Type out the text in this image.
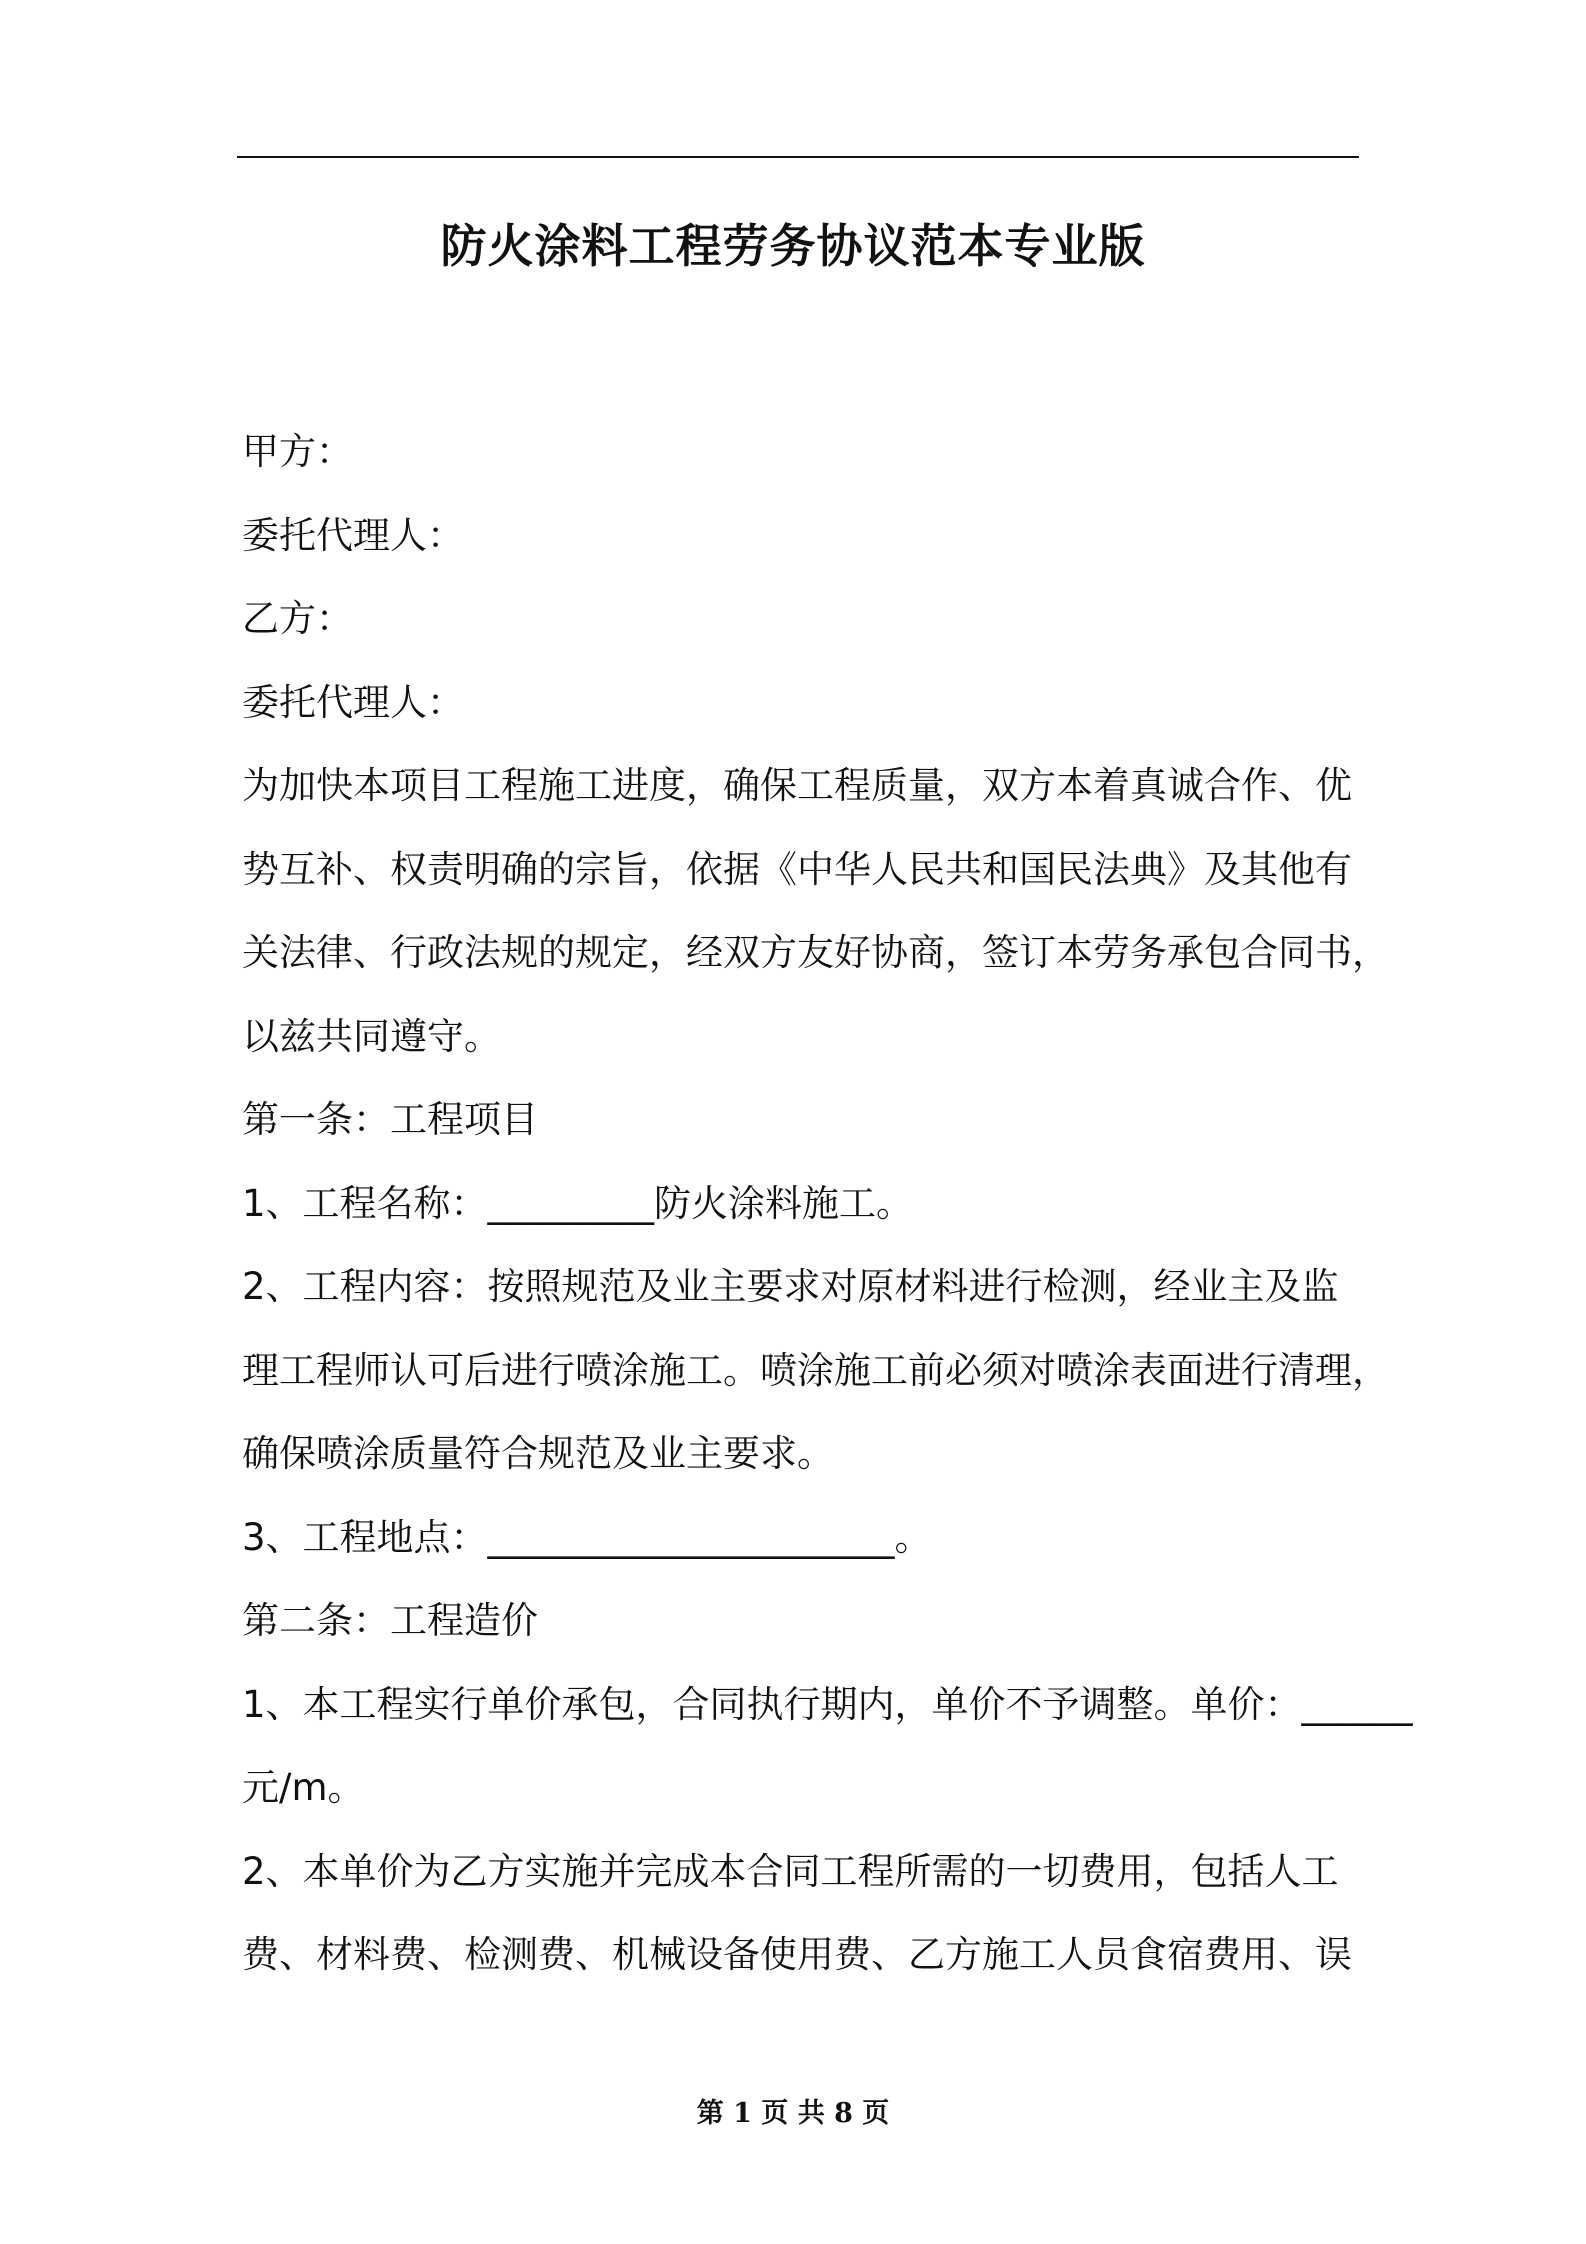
防火涂料工程劳务协议范本专业版

甲方：

委托代理人：

乙方：

委托代理人：

为加快本项目工程施工进度，确保工程质量，双方本着真诚合作、优

势互补、权责明确的宗旨，依据《中华人民共和国民法典》及其他有

关法律、行政法规的规定，经双方友好协商，签订本劳务承包合同书，

以兹共同遵守。

第一条：工程项目

1、工程名称：_________防火涂料施工。

2、工程内容：按照规范及业主要求对原材料进行检测，经业主及监

理工程师认可后进行喷涂施工。喷涂施工前必须对喷涂表面进行清理，

确保喷涂质量符合规范及业主要求。

3、工程地点：______________________。

第二条：工程造价

1、本工程实行单价承包，合同执行期内，单价不予调整。单价：______

元/m。

2、本单价为乙方实施并完成本合同工程所需的一切费用，包括人工

费、材料费、检测费、机械设备使用费、乙方施工人员食宿费用、误

第 1 页 共 8 页
